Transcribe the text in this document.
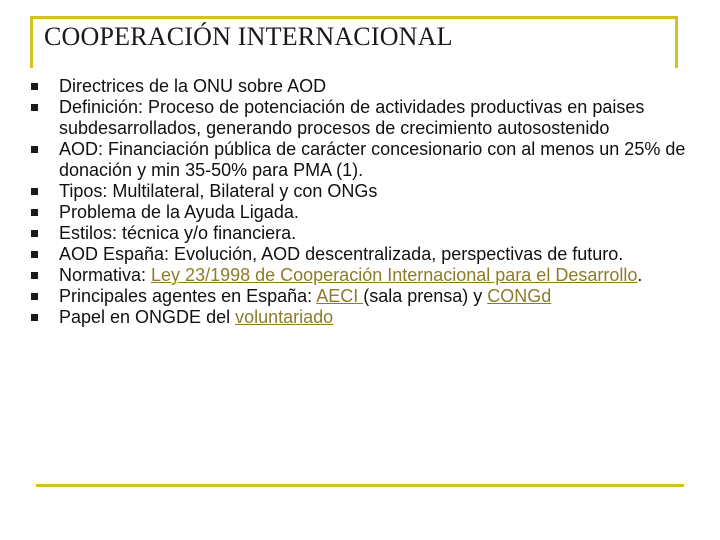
COOPERACIÓN INTERNACIONAL
Directrices de la ONU sobre AOD
Definición: Proceso de potenciación de actividades productivas en paises subdesarrollados, generando procesos de crecimiento autosostenido
AOD: Financiación pública de carácter concesionario con al menos un 25% de donación y min 35-50% para PMA (1).
Tipos: Multilateral, Bilateral y con ONGs
Problema de la Ayuda Ligada.
Estilos: técnica y/o financiera.
AOD España: Evolución, AOD descentralizada, perspectivas de futuro.
Normativa: Ley 23/1998 de Cooperación Internacional para el Desarrollo.
Principales agentes en España: AECI (sala prensa) y CONGd
Papel en ONGDE del voluntariado
